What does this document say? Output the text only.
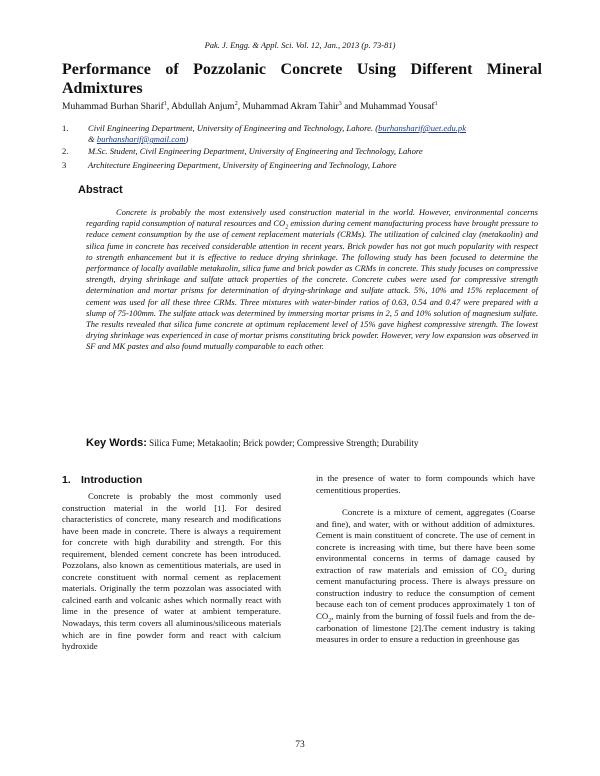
Pak. J. Engg. & Appl. Sci. Vol. 12, Jan., 2013 (p. 73-81)
Performance of Pozzolanic Concrete Using Different Mineral Admixtures
Muhammad Burhan Sharif$^1$, Abdullah Anjum$^2$, Muhammad Akram Tahir$^3$ and Muhammad Yousaf$^1$
1. Civil Engineering Department, University of Engineering and Technology, Lahore. (burhansharif@uet.edu.pk
& burhansharif@gmail.com)
2. M.Sc. Student, Civil Engineering Department, University of Engineering and Technology, Lahore
3	Architecture Engineering Department, University of Engineering and Technology, Lahore
Abstract
Concrete is probably the most extensively used construction material in the world. However, environmental concerns regarding rapid consumption of natural resources and $CO_2$ emission during cement manufacturing process have brought pressure to reduce cement consumption by the use of cement replacement materials (CRMs). The utilization of calcined clay (metakaolin) and silica fume in concrete has received considerable attention in recent years. Brick powder has not got much popularity with respect to strength enhancement but it is effective to reduce drying shrinkage. The following study has been focused to determine the performance of locally available metakaolin, silica fume and brick powder as CRMs in concrete. This study focuses on compressive strength, drying shrinkage and sulfate attack properties of the concrete. Concrete cubes were used for compressive strength determination and mortar prisms for determination of drying-shrinkage and sulfate attack. 5%, 10% and 15% replacement of cement was used for all these three CRMs. Three mixtures with water-binder ratios of 0.63, 0.54 and 0.47 were prepared with a slump of 75-100mm. The sulfate attack was determined by immersing mortar prisms in 2, 5 and 10% solution of magnesium sulfate. The results revealed that silica fume concrete at optimum replacement level of 15% gave highest compressive strength. The lowest drying shrinkage was experienced in case of mortar prisms constituting brick powder. However, very low expansion was observed in SF and MK pastes and also found mutually comparable to each other.
Key Words: Silica Fume; Metakaolin; Brick powder; Compressive Strength; Durability
1. Introduction

Concrete is probably the most commonly used construction material in the world [1]. For desired characteristics of concrete, many research and modifications have been made in concrete. There is always a requirement for concrete with high durability and strength. For this requirement, blended cement concrete has been introduced. Pozzolans, also known as cementitious materials, are used in concrete constituent with normal cement as replacement materials. Originally the term pozzolan was associated with calcined earth and volcanic ashes which normally react with lime in the presence of water at ambient temperature. Nowadays, this term covers all aluminous/siliceous materials which are in fine powder form and react with calcium hydroxide

in the presence of water to form compounds which have cementitious properties.

Concrete is a mixture of cement, aggregates (Coarse and fine), and water, with or without addition of admixtures. Cement is main constituent of concrete. The use of cement in concrete is increasing with time, but there have been some environmental concerns in terms of damage caused by extraction of raw materials and emission of $CO_2$ during cement manufacturing process. There is always pressure on construction industry to reduce the consumption of cement because each ton of cement produces approximately 1 ton of $CO_2$, mainly from the burning of fossil fuels and from the de-carbonation of limestone [2].The cement industry is taking measures in order to ensure a reduction in greenhouse gas

73
